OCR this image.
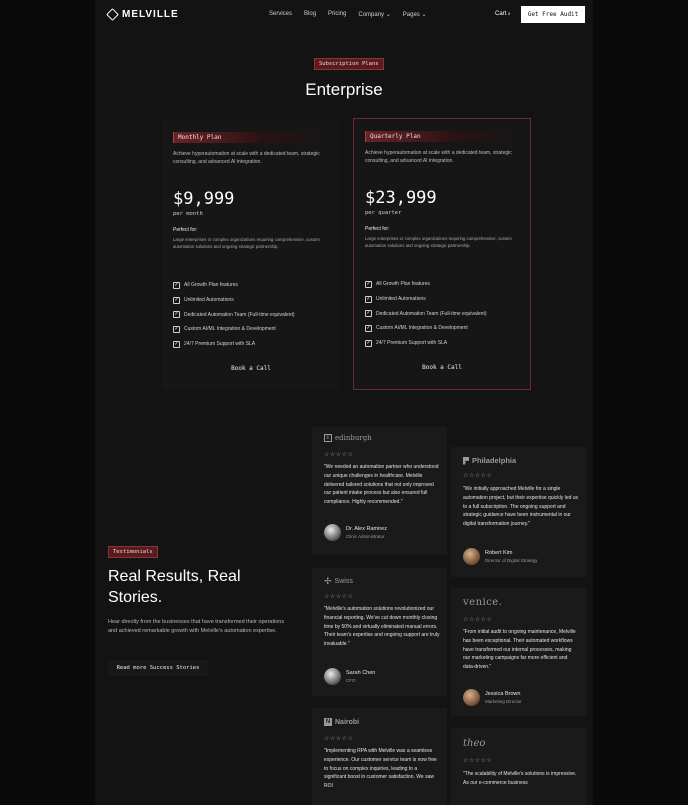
MELVILLE	Services Blog Pricing Company ⌄ Pages ⌄	Cart 0	Get Free Audit
Subscription Plans
Enterprise
Monthly Plan
Achieve hyperautomation at scale with a dedicated team, strategic consulting, and advanced AI integration.
$9,999
per month
Perfect for:
Large enterprises or complex organizations requiring comprehensive, custom automation solutions and ongoing strategic partnership.
✓ All Growth Plan features
✓ Unlimited Automations
✓ Dedicated Automation Team (Full-time equivalent)
✓ Custom AI/ML Integration & Development
✓ 24/7 Premium Support with SLA
Book a Call
Quarterly Plan
Achieve hyperautomation at scale with a dedicated team, strategic consulting, and advanced AI integration.
$23,999
per quarter
Perfect for:
Large enterprises or complex organizations requiring comprehensive, custom automation solutions and ongoing strategic partnership.
✓ All Growth Plan features
✓ Unlimited Automations
✓ Dedicated Automation Team (Full-time equivalent)
✓ Custom AI/ML Integration & Development
✓ 24/7 Premium Support with SLA
Book a Call
Testimonials
Real Results, Real Stories.
Hear directly from the businesses that have transformed their operations and achieved remarkable growth with Melville's automation expertise.
Read more Success Stories
E edinburgh
☆☆☆☆☆
"We needed an automation partner who understood our unique challenges in healthcare. Melville delivered tailored solutions that not only improved our patient intake process but also ensured full compliance. Highly recommended."
Dr. Alex Ramirez
Clinic Administrator
✢ Swiss
☆☆☆☆☆
"Melville's automation solutions revolutionized our financial reporting. We've cut down monthly closing time by 50% and virtually eliminated manual errors. Their team's expertise and ongoing support are truly invaluable."
Sarah Chen
CFO
N Nairobi
☆☆☆☆☆
"Implementing RPA with Melville was a seamless experience. Our customer service team is now free to focus on complex inquiries, leading to a significant boost in customer satisfaction. We saw ROI
Philadelphia
☆☆☆☆☆
"We initially approached Melville for a single automation project, but their expertise quickly led us to a full subscription. The ongoing support and strategic guidance have been instrumental in our digital transformation journey."
Robert Kim
Director of Digital Strategy
venice.
☆☆☆☆☆
"From initial audit to ongoing maintenance, Melville has been exceptional. Their automated workflows have transformed our internal processes, making our marketing campaigns far more efficient and data-driven."
Jessica Brown
Marketing Director
theo
☆☆☆☆☆
"The scalability of Melville's solutions is impressive. As our e-commerce business
